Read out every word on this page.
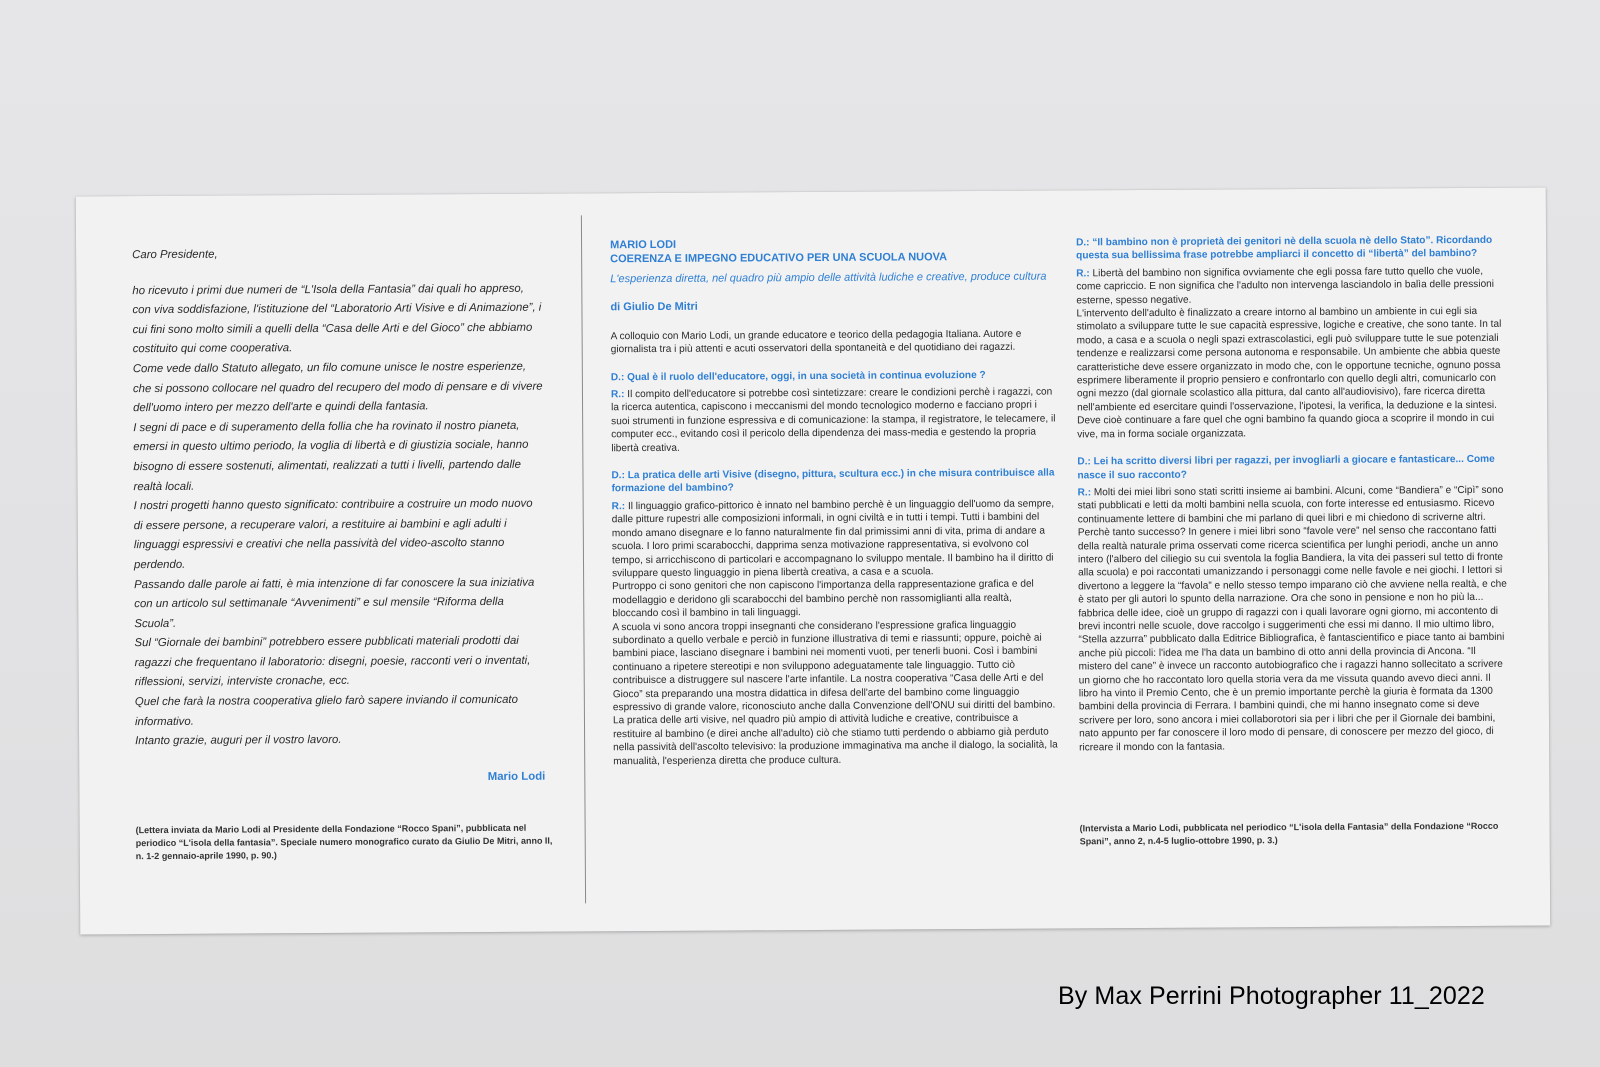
Caro Presidente,

ho ricevuto i primi due numeri de “L'Isola della Fantasia” dai quali ho appreso, con viva soddisfazione, l'istituzione del “Laboratorio Arti Visive e di Animazione”, i cui fini sono molto simili a quelli della “Casa delle Arti e del Gioco” che abbiamo costituito qui come cooperativa.

Come vede dallo Statuto allegato, un filo comune unisce le nostre esperienze, che si possono collocare nel quadro del recupero del modo di pensare e di vivere dell'uomo intero per mezzo dell'arte e quindi della fantasia.

I segni di pace e di superamento della follia che ha rovinato il nostro pianeta, emersi in questo ultimo periodo, la voglia di libertà e di giustizia sociale, hanno bisogno di essere sostenuti, alimentati, realizzati a tutti i livelli, partendo dalle realtà locali.

I nostri progetti hanno questo significato: contribuire a costruire un modo nuovo di essere persone, a recuperare valori, a restituire ai bambini e agli adulti i linguaggi espressivi e creativi che nella passività del video-ascolto stanno perdendo.

Passando dalle parole ai fatti, è mia intenzione di far conoscere la sua iniziativa con un articolo sul settimanale “Avvenimenti” e sul mensile “Riforma della Scuola”.

Sul “Giornale dei bambini” potrebbero essere pubblicati materiali prodotti dai ragazzi che frequentano il laboratorio: disegni, poesie, racconti veri o inventati, riflessioni, servizi, interviste cronache, ecc.

Quel che farà la nostra cooperativa glielo farò sapere inviando il comunicato informativo.

Intanto grazie, auguri per il vostro lavoro.

Mario Lodi

(Lettera inviata da Mario Lodi al Presidente della Fondazione “Rocco Spani”, pubblicata nel periodico “L'isola della fantasia”. Speciale numero monografico curato da Giulio De Mitri, anno II, n. 1-2 gennaio-aprile 1990, p. 90.)
MARIO LODI
COERENZA E IMPEGNO EDUCATIVO PER UNA SCUOLA NUOVA
L'esperienza diretta, nel quadro più ampio delle attività ludiche e creative, produce cultura
di Giulio De Mitri

A colloquio con Mario Lodi, un grande educatore e teorico della pedagogia Italiana. Autore e giornalista tra i più attenti e acuti osservatori della spontaneità e del quotidiano dei ragazzi.

D.: Qual è il ruolo dell'educatore, oggi, in una società in continua evoluzione ?

R.: Il compito dell'educatore si potrebbe così sintetizzare: creare le condizioni perchè i ragazzi, con la ricerca autentica, capiscono i meccanismi del mondo tecnologico moderno e facciano propri i suoi strumenti in funzione espressiva e di comunicazione: la stampa, il registratore, le telecamere, il computer ecc., evitando così il pericolo della dipendenza dei mass-media e gestendo la propria libertà creativa.

D.: La pratica delle arti Visive (disegno, pittura, scultura ecc.) in che misura contribuisce alla formazione del bambino?

R.: Il linguaggio grafico-pittorico è innato nel bambino perchè è un linguaggio dell'uomo da sempre, dalle pitture rupestri alle composizioni informali, in ogni civiltà e in tutti i tempi. Tutti i bambini del mondo amano disegnare e lo fanno naturalmente fin dal primissimi anni di vita, prima di andare a scuola. I loro primi scarabocchi, dapprima senza motivazione rappresentativa, si evolvono col tempo, si arricchiscono di particolari e accompagnano lo sviluppo mentale. Il bambino ha il diritto di sviluppare questo linguaggio in piena libertà creativa, a casa e a scuola.

Purtroppo ci sono genitori che non capiscono l'importanza della rappresentazione grafica e del modellaggio e deridono gli scarabocchi del bambino perchè non rassomiglianti alla realtà, bloccando così il bambino in tali linguaggi.

A scuola vi sono ancora troppi insegnanti che considerano l'espressione grafica linguaggio subordinato a quello verbale e perciò in funzione illustrativa di temi e riassunti; oppure, poichè ai bambini piace, lasciano disegnare i bambini nei momenti vuoti, per tenerli buoni. Così i bambini continuano a ripetere stereotipi e non sviluppono adeguatamente tale linguaggio. Tutto ciò contribuisce a distruggere sul nascere l'arte infantile. La nostra cooperativa “Casa delle Arti e del Gioco” sta preparando una mostra didattica in difesa dell'arte del bambino come linguaggio espressivo di grande valore, riconosciuto anche dalla Convenzione dell'ONU sui diritti del bambino. La pratica delle arti visive, nel quadro più ampio di attività ludiche e creative, contribuisce a restituire al bambino (e direi anche all'adulto) ciò che stiamo tutti perdendo o abbiamo già perduto nella passività dell'ascolto televisivo: la produzione immaginativa ma anche il dialogo, la socialità, la manualità, l'esperienza diretta che produce cultura.

D.: “Il bambino non è proprietà dei genitori nè della scuola nè dello Stato”. Ricordando questa sua bellissima frase potrebbe ampliarci il concetto di “libertà” del bambino?

R.: Libertà del bambino non significa ovviamente che egli possa fare tutto quello che vuole, come capriccio. E non significa che l'adulto non intervenga lasciandolo in balìa delle pressioni esterne, spesso negative.

L'intervento dell'adulto è finalizzato a creare intorno al bambino un ambiente in cui egli sia stimolato a sviluppare tutte le sue capacità espressive, logiche e creative, che sono tante. In tal modo, a casa e a scuola o negli spazi extrascolastici, egli può sviluppare tutte le sue potenziali tendenze e realizzarsi come persona autonoma e responsabile. Un ambiente che abbia queste caratteristiche deve essere organizzato in modo che, con le opportune tecniche, ognuno possa esprimere liberamente il proprio pensiero e confrontarlo con quello degli altri, comunicarlo con ogni mezzo (dal giornale scolastico alla pittura, dal canto all'audiovisivo), fare ricerca diretta nell'ambiente ed esercitare quindi l'osservazione, l'ipotesi, la verifica, la deduzione e la sintesi. Deve cioè continuare a fare quel che ogni bambino fa quando gioca a scoprire il mondo in cui vive, ma in forma sociale organizzata.

D.: Lei ha scritto diversi libri per ragazzi, per invogliarli a giocare e fantasticare... Come nasce il suo racconto?

R.: Molti dei miei libri sono stati scritti insieme ai bambini. Alcuni, come “Bandiera” e “Cipì” sono stati pubblicati e letti da molti bambini nella scuola, con forte interesse ed entusiasmo. Ricevo continuamente lettere di bambini che mi parlano di quei libri e mi chiedono di scriverne altri. Perchè tanto successo? In genere i miei libri sono “favole vere” nel senso che raccontano fatti della realtà naturale prima osservati come ricerca scientifica per lunghi periodi, anche un anno intero (l'albero del ciliegio su cui sventola la foglia Bandiera, la vita dei passeri sul tetto di fronte alla scuola) e poi raccontati umanizzando i personaggi come nelle favole e nei giochi. I lettori si divertono a leggere la “favola” e nello stesso tempo imparano ciò che avviene nella realtà, e che è stato per gli autori lo spunto della narrazione. Ora che sono in pensione e non ho più la... fabbrica delle idee, cioè un gruppo di ragazzi con i quali lavorare ogni giorno, mi accontento di brevi incontri nelle scuole, dove raccolgo i suggerimenti che essi mi danno. Il mio ultimo libro, “Stella azzurra” pubblicato dalla Editrice Bibliografica, è fantascientifico e piace tanto ai bambini anche più piccoli: l'idea me l'ha data un bambino di otto anni della provincia di Ancona. “Il mistero del cane” è invece un racconto autobiografico che i ragazzi hanno sollecitato a scrivere un giorno che ho raccontato loro quella storia vera da me vissuta quando avevo dieci anni. Il libro ha vinto il Premio Cento, che è un premio importante perchè la giuria è formata da 1300 bambini della provincia di Ferrara. I bambini quindi, che mi hanno insegnato come si deve scrivere per loro, sono ancora i miei collaborotori sia per i libri che per il Giornale dei bambini, nato appunto per far conoscere il loro modo di pensare, di conoscere per mezzo del gioco, di ricreare il mondo con la fantasia.

(Intervista a Mario Lodi, pubblicata nel periodico “L'isola della Fantasia” della Fondazione “Rocco Spani”, anno 2, n.4-5 luglio-ottobre 1990, p. 3.)
By Max Perrini Photographer 11_2022
